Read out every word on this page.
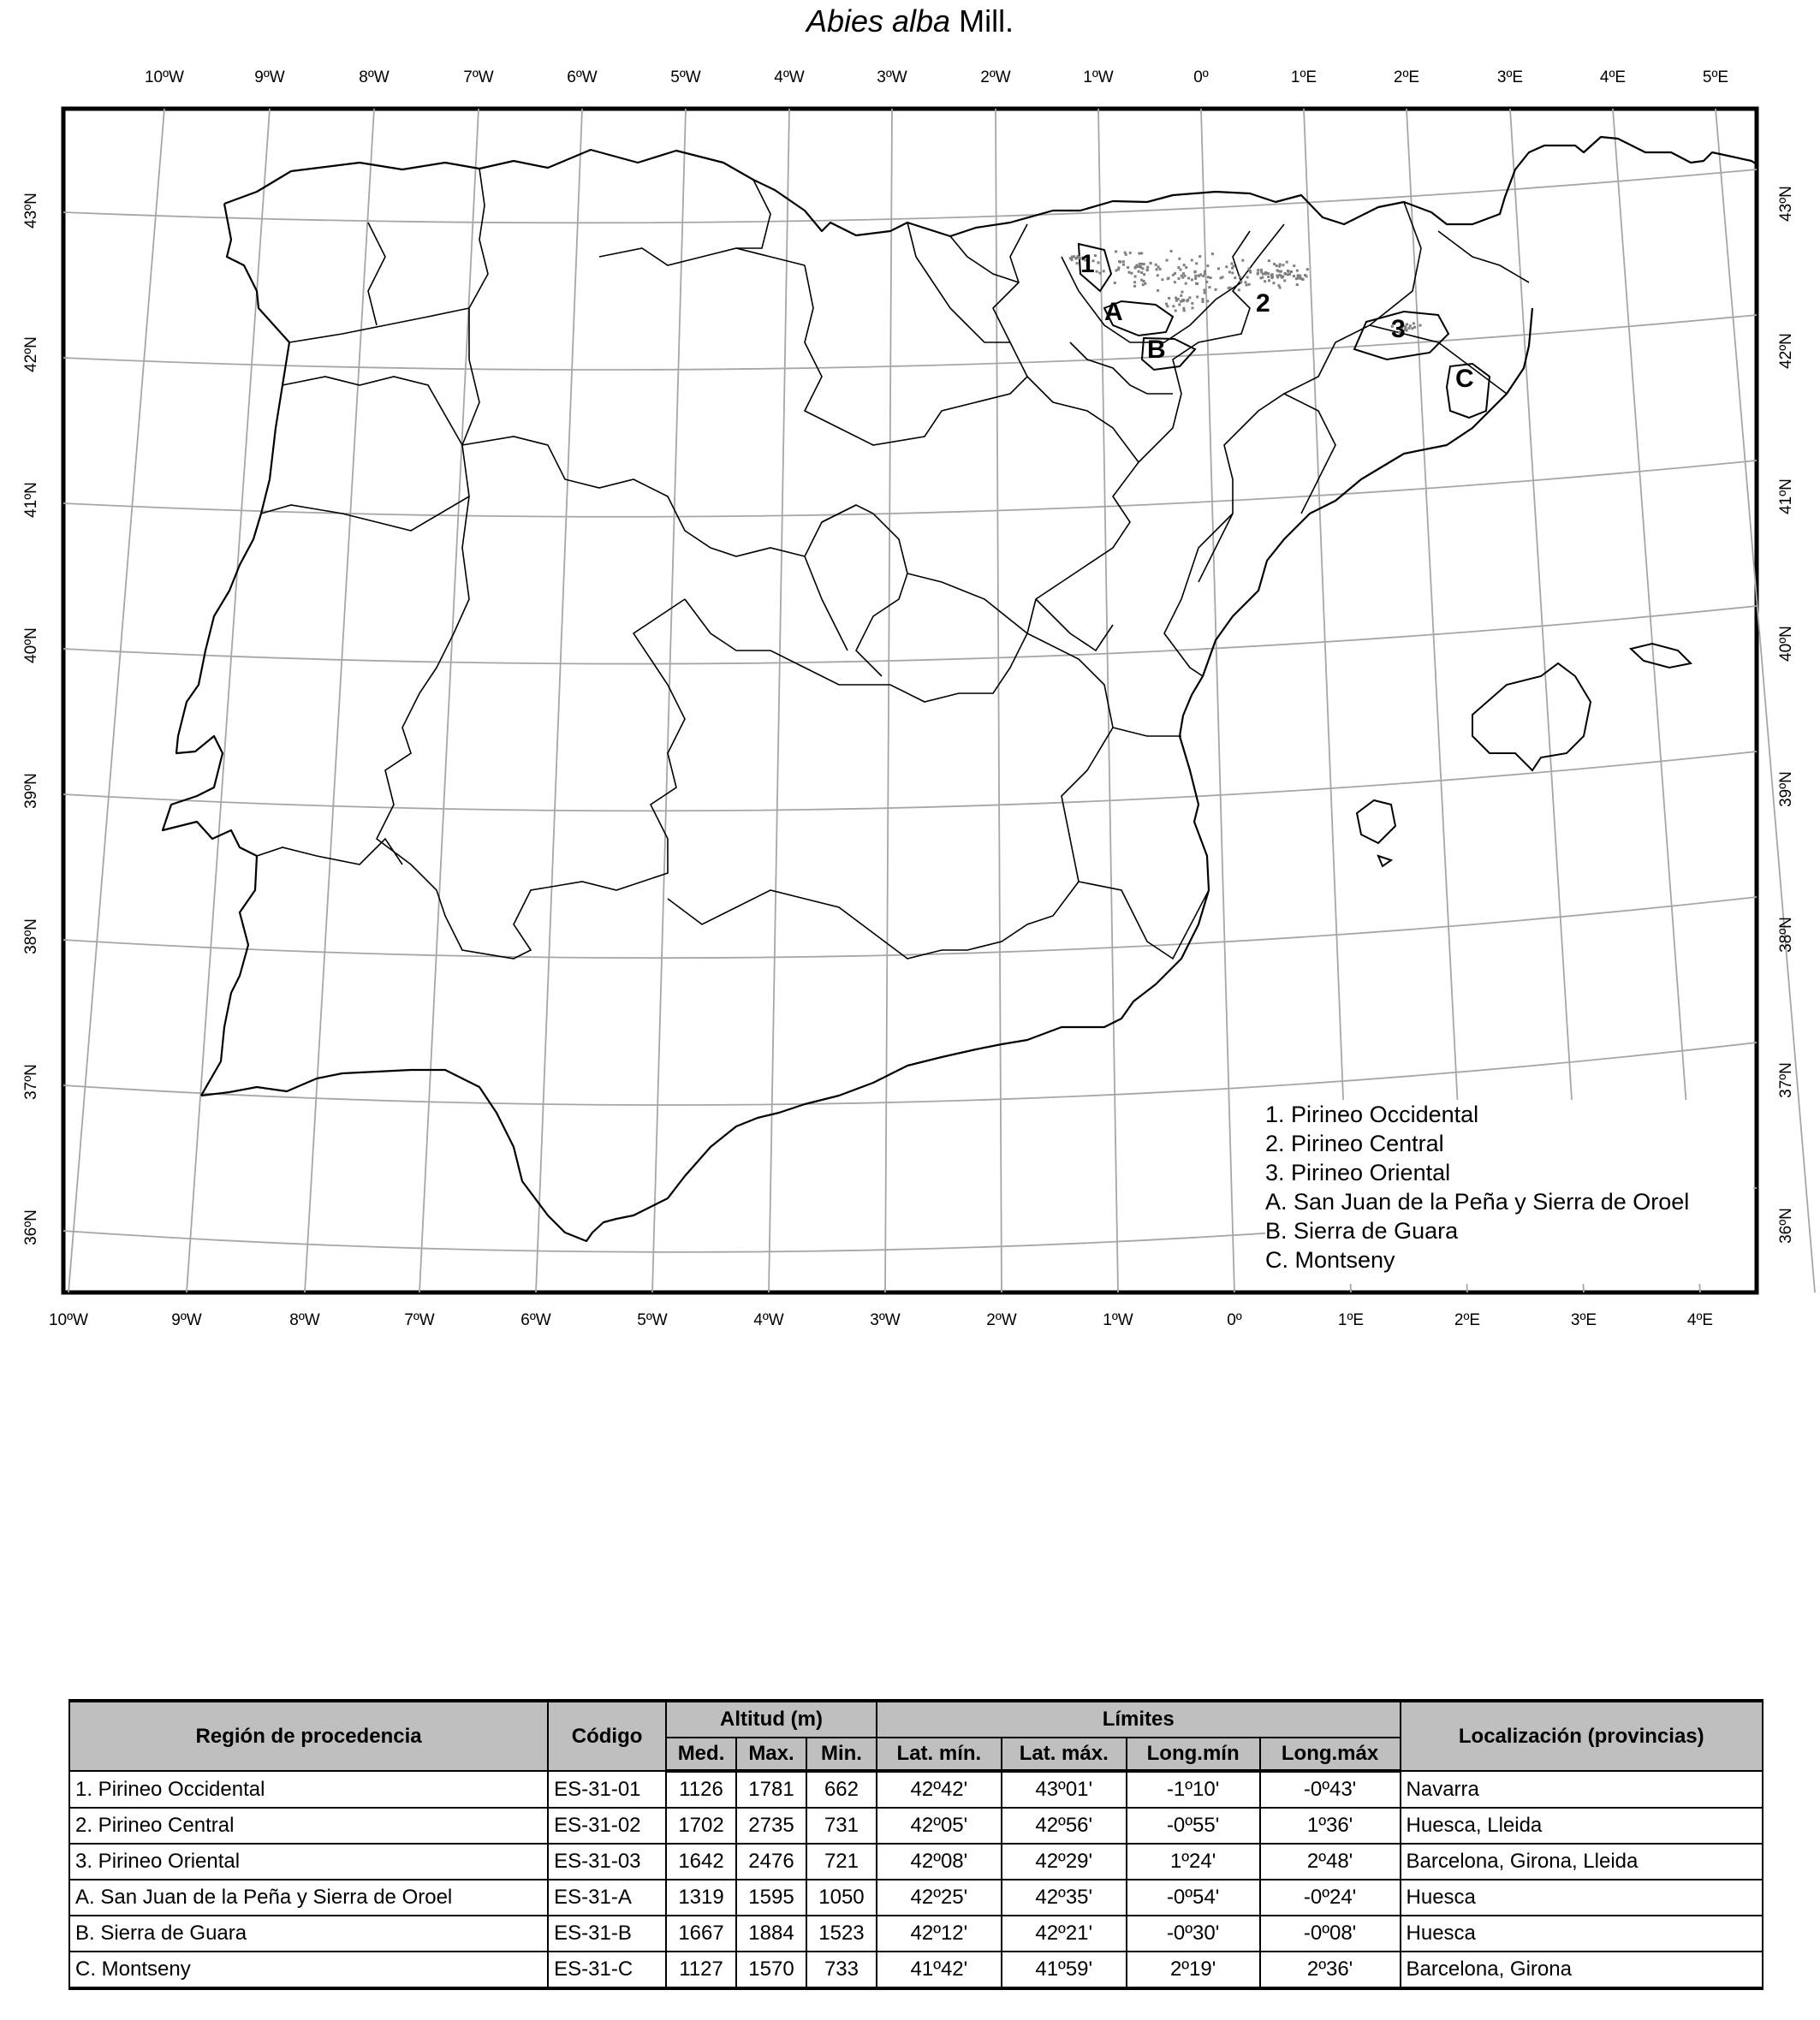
Abies alba Mill.
1
2
3
A
B
C
10ºW	9ºW	8ºW	7ºW	6ºW	5ºW	4ºW	3ºW	2ºW	1ºW	0º	1ºE	2ºE	3ºE	4ºE	5ºE
10ºW	9ºW	8ºW	7ºW	6ºW	5ºW	4ºW	3ºW	2ºW	1ºW	0º	1ºE	2ºE	3ºE	4ºE
43ºN
42ºN
41ºN
40ºN
39ºN
38ºN
37ºN
36ºN
43ºN
42ºN
41ºN
40ºN
39ºN
38ºN
37ºN
36ºN
1. Pirineo Occidental
2. Pirineo Central
3. Pirineo Oriental
A. San Juan de la Peña y Sierra de Oroel
B. Sierra de Guara
C. Montseny
Región de procedencia	Código	Altitud (m)			Límites				Localización (provincias)
		Med.	Max.	Min.	Lat. mín.	Lat. máx.	Long.mín	Long.máx	
1. Pirineo Occidental	ES-31-01	1126	1781	662	42º42'	43º01'	-1º10'	-0º43'	Navarra
2. Pirineo Central	ES-31-02	1702	2735	731	42º05'	42º56'	-0º55'	1º36'	Huesca, Lleida
3. Pirineo Oriental	ES-31-03	1642	2476	721	42º08'	42º29'	1º24'	2º48'	Barcelona, Girona, Lleida
A. San Juan de la Peña y Sierra de Oroel	ES-31-A	1319	1595	1050	42º25'	42º35'	-0º54'	-0º24'	Huesca
B. Sierra de Guara	ES-31-B	1667	1884	1523	42º12'	42º21'	-0º30'	-0º08'	Huesca
C. Montseny	ES-31-C	1127	1570	733	41º42'	41º59'	2º19'	2º36'	Barcelona, Girona
